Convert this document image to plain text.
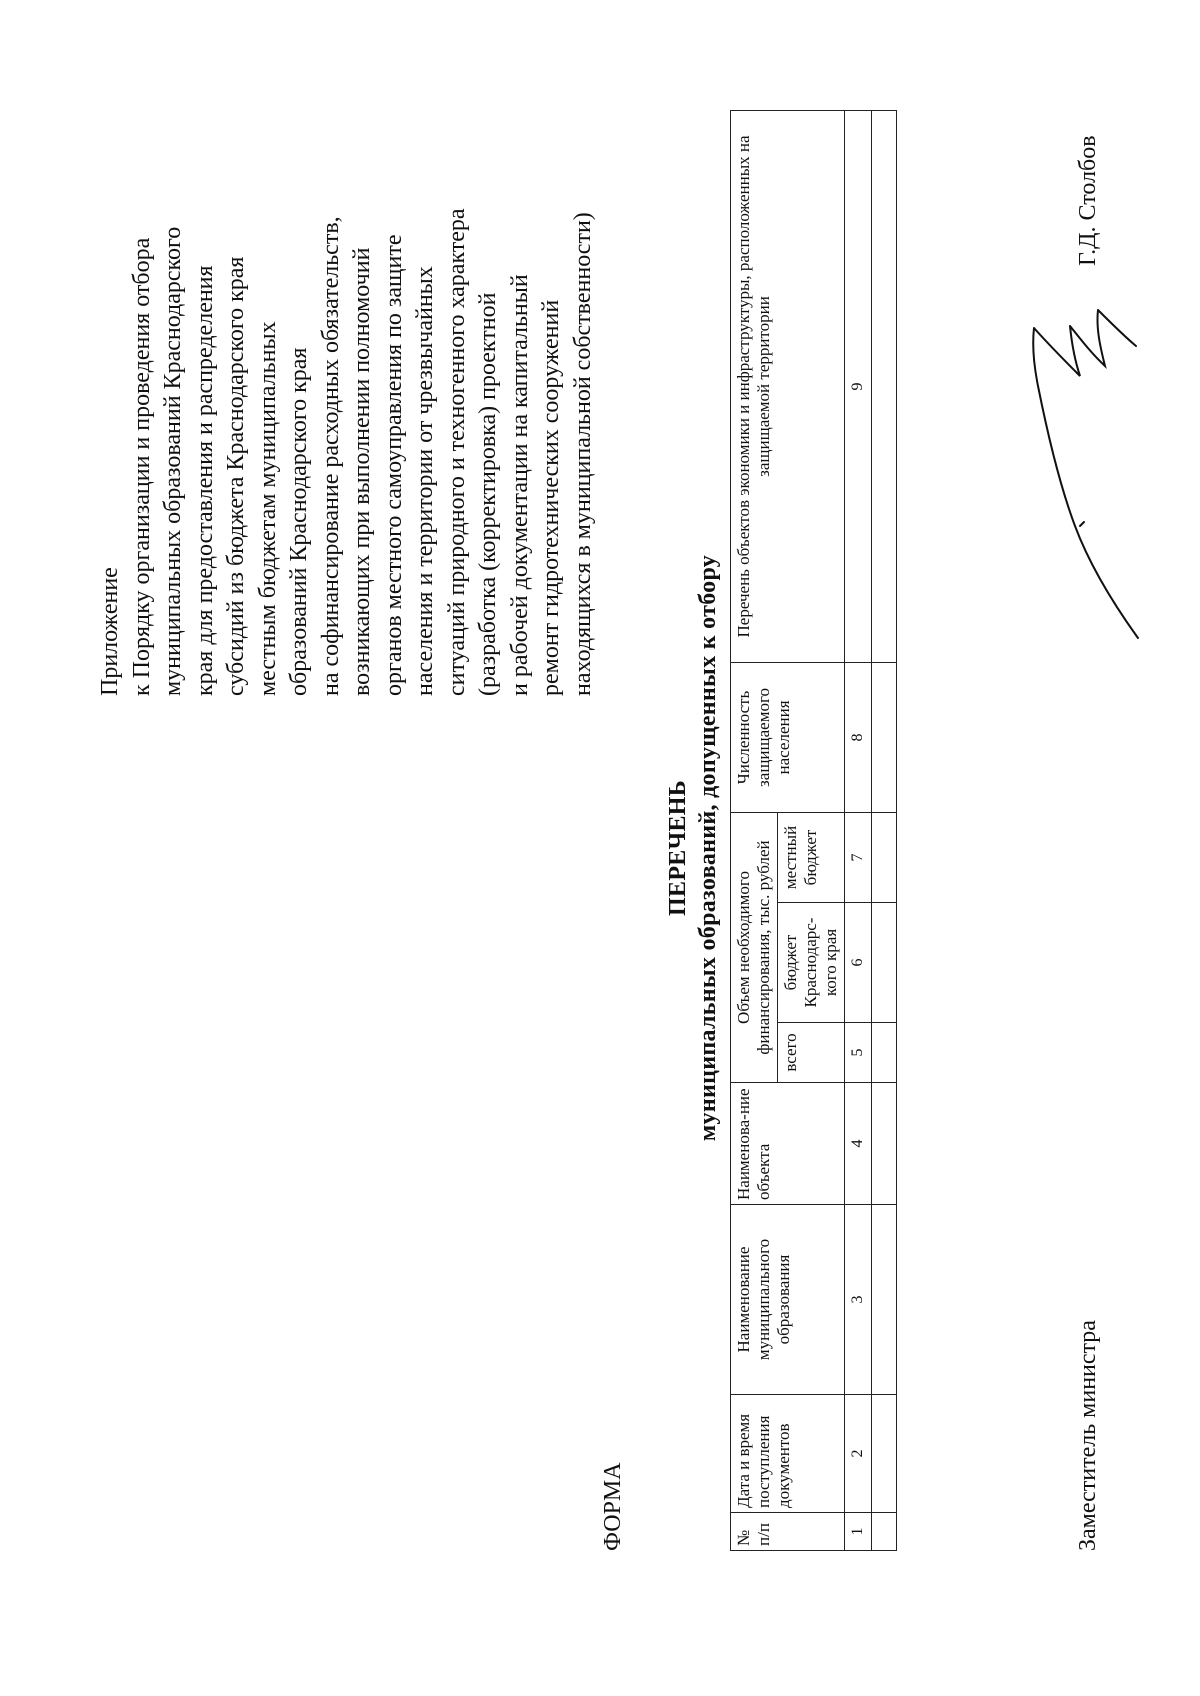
Приложение к Порядку организации и проведения отбора муниципальных образований Краснодарского края для предоставления и распределения субсидий из бюджета Краснодарского края местным бюджетам муниципальных образований Краснодарского края на софинансирование расходных обязательств, возникающих при выполнении полномочий органов местного самоуправления по защите населения и территории от чрезвычайных ситуаций природного и техногенного характера (разработка (корректировка) проектной и рабочей документации на капитальный ремонт гидротехнических сооружений находящихся в муниципальной собственности)
ФОРМА
ПЕРЕЧЕНЬ муниципальных образований, допущенных к отбору
№ п/п	Дата и время поступления документов	Наименование муниципального образования	Наименова-ние объекта	Объем необходимого финансирования, тыс. рублей			Численность защищаемого населения	Перечень объектов экономики и инфраструктуры, расположенных на защищаемой территории
				всего	бюджет Краснодарс-кого края	местный бюджет		
1	2	3	4	5	6	7	8	9

Заместитель министра
Г.Д. Столбов
